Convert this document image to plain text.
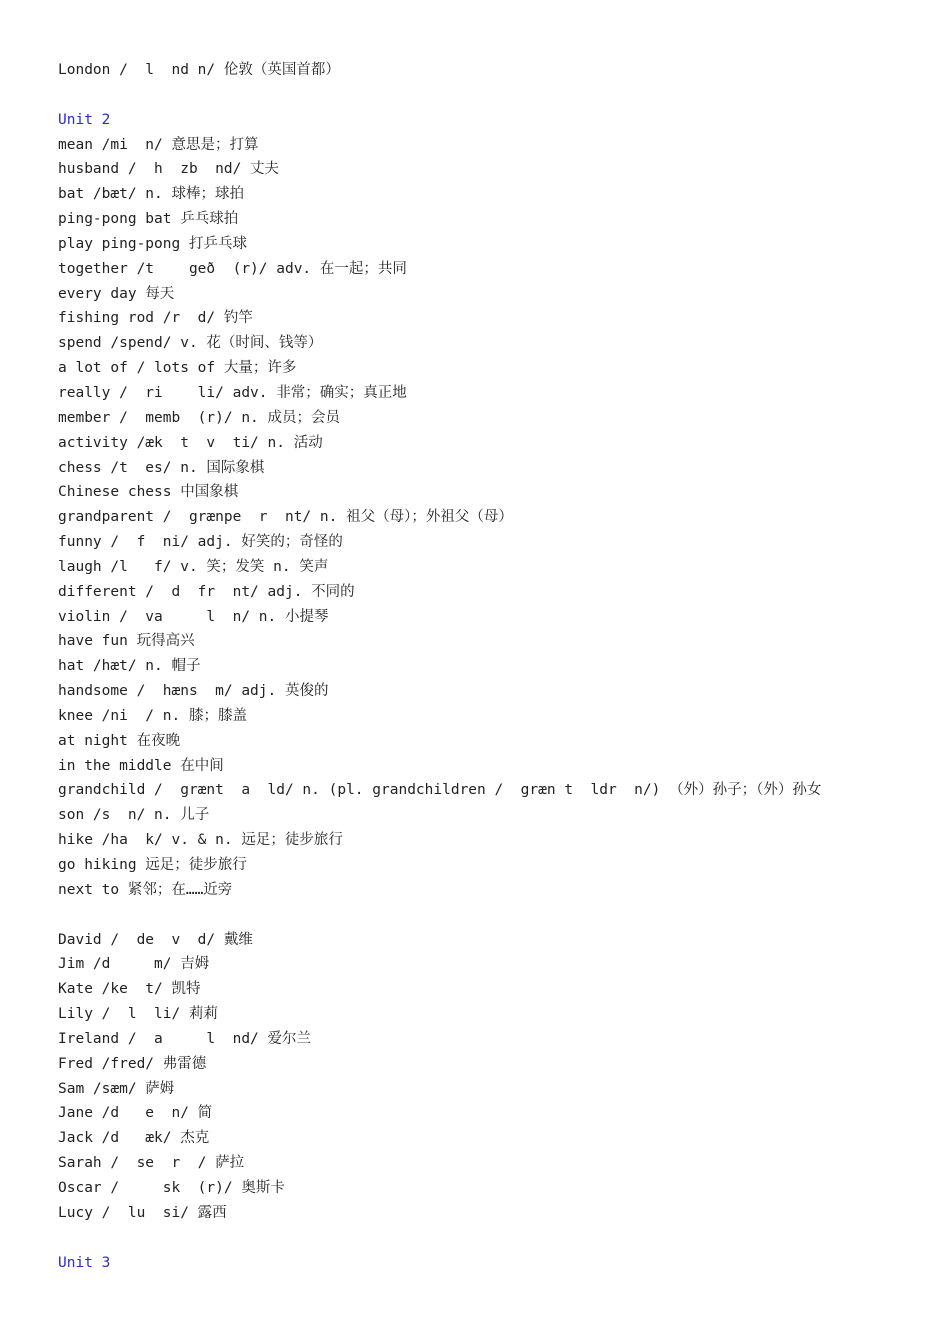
London /  l  nd n/ 伦敦（英国首都）
Unit 2
mean /mi  n/ 意思是；打算
husband /  h  zb  nd/ 丈夫
bat /bæt/ n. 球棒；球拍
ping-pong bat 乒乓球拍
play ping-pong 打乒乓球
together /t    geð  (r)/ adv. 在一起；共同
every day 每天
fishing rod /r  d/ 钓竿
spend /spend/ v. 花（时间、钱等）
a lot of / lots of 大量；许多
really /  ri    li/ adv. 非常；确实；真正地
member /  memb  (r)/ n. 成员；会员
activity /æk  t  v  ti/ n. 活动
chess /t  es/ n. 国际象棋
Chinese chess 中国象棋
grandparent /  grænpe  r  nt/ n. 祖父（母）；外祖父（母）
funny /  f  ni/ adj. 好笑的；奇怪的
laugh /l   f/ v. 笑；发笑 n. 笑声
different /  d  fr  nt/ adj. 不同的
violin /  va     l  n/ n. 小提琴
have fun 玩得高兴
hat /hæt/ n. 帽子
handsome /  hæns  m/ adj. 英俊的
knee /ni  / n. 膝；膝盖
at night 在夜晚
in the middle 在中间
grandchild /  grænt  a  ld/ n. (pl. grandchildren /  græn t  ldr  n/) （外）孙子；（外）孙女
son /s  n/ n. 儿子
hike /ha  k/ v. & n. 远足；徒步旅行
go hiking 远足；徒步旅行
next to 紧邻；在……近旁
David /  de  v  d/ 戴维
Jim /d     m/ 吉姆
Kate /ke  t/ 凯特
Lily /  l  li/ 莉莉
Ireland /  a     l  nd/ 爱尔兰
Fred /fred/ 弗雷德
Sam /sæm/ 萨姆
Jane /d   e  n/ 简
Jack /d   æk/ 杰克
Sarah /  se  r  / 萨拉
Oscar /     sk  (r)/ 奥斯卡
Lucy /  lu  si/ 露西
Unit 3
